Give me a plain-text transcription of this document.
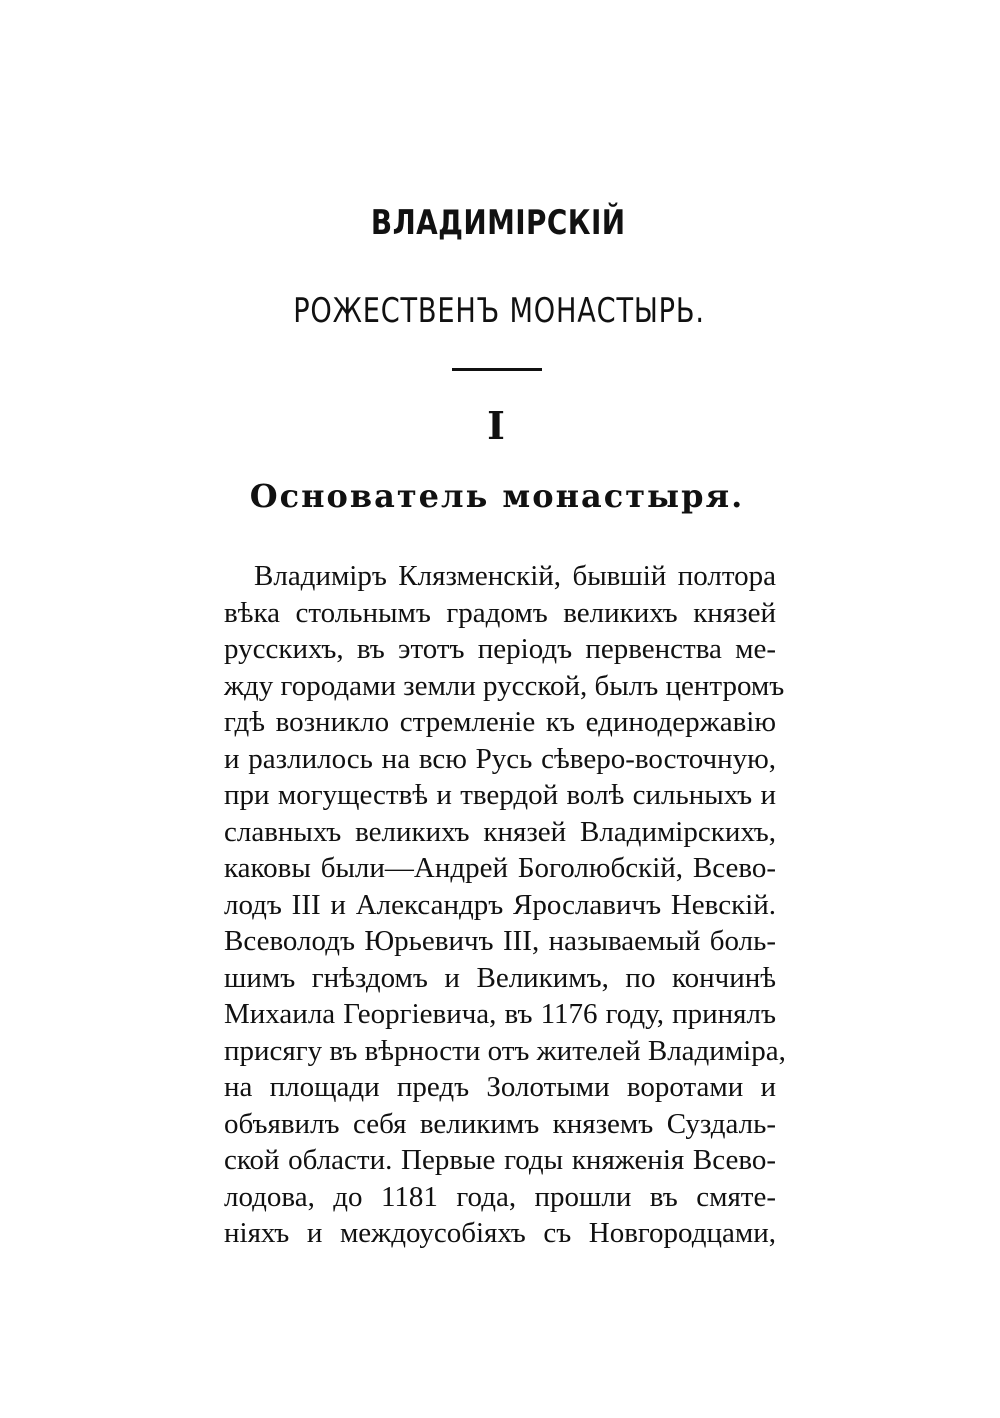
ВЛАДИМІРСКІЙ
РОЖЕСТВЕНЪ МОНАСТЫРЬ.
I
Основатель монастыря.
Владиміръ Клязменскій, бывшій полтора
вѣка стольнымъ градомъ великихъ князей
русскихъ, въ этотъ періодъ первенства ме-
жду городами земли русской, былъ центромъ
гдѣ возникло стремленіе къ единодержавію
и разлилось на всю Русь сѣверо-восточную,
при могуществѣ и твердой волѣ сильныхъ и
славныхъ великихъ князей Владимірскихъ,
каковы были—Андрей Боголюбскій, Всево-
лодъ III и Александръ Ярославичъ Невскій.
Всеволодъ Юрьевичъ III, называемый боль-
шимъ гнѣздомъ и Великимъ, по кончинѣ
Михаила Георгіевича, въ 1176 году, принялъ
присягу въ вѣрности отъ жителей Владиміра,
на площади предъ Золотыми воротами и
объявилъ себя великимъ княземъ Суздаль-
ской области. Первые годы княженія Всево-
лодова, до 1181 года, прошли въ смяте-
ніяхъ и междоусобіяхъ съ Новгородцами,
